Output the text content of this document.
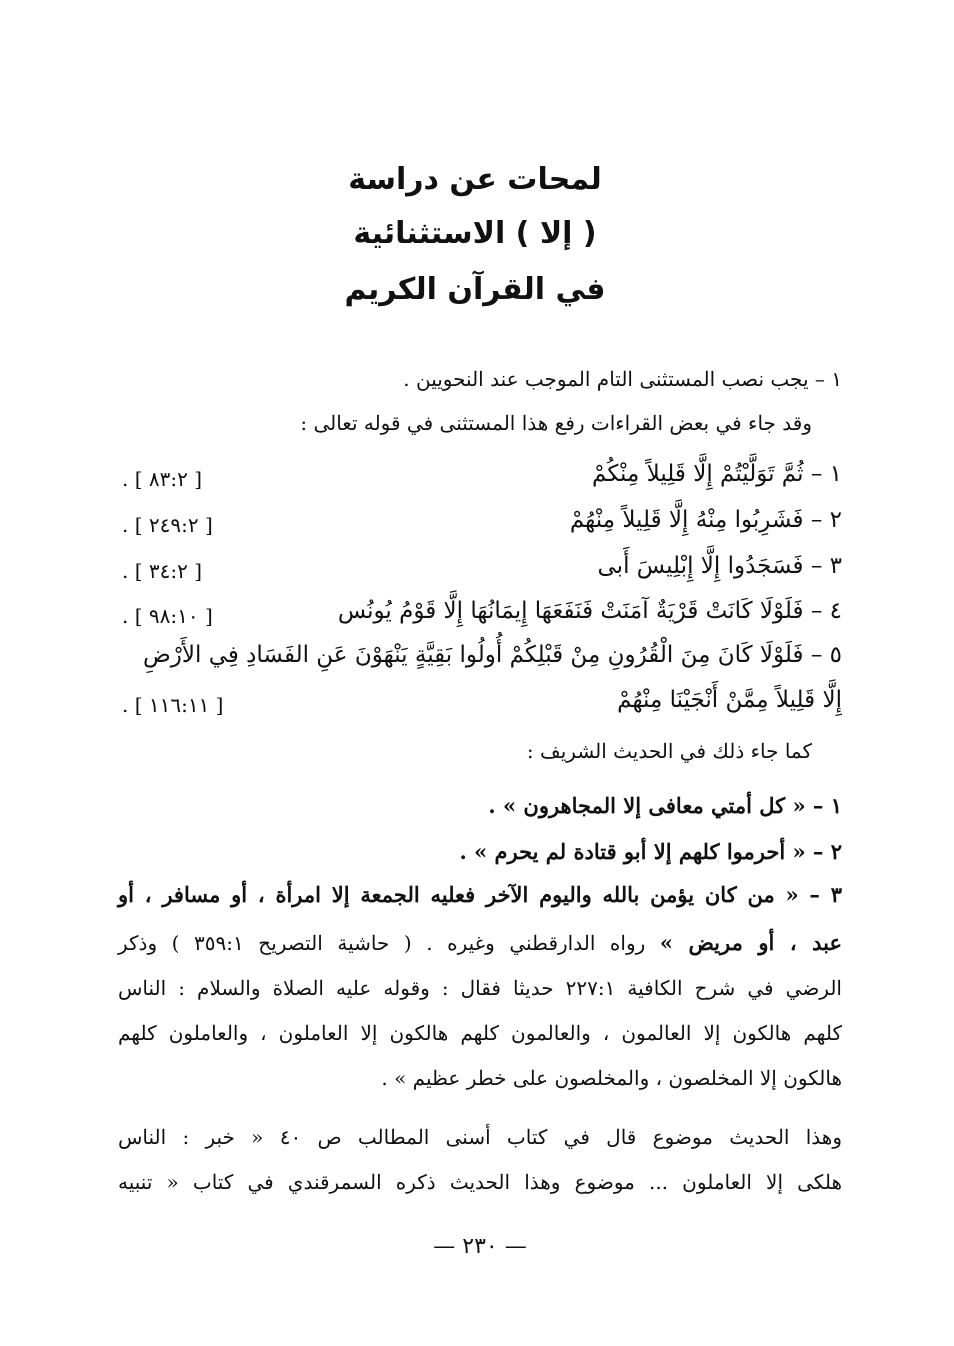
لمحات عن دراسة
( إلا ) الاستثنائية
في القرآن الكريم
١ – يجب نصب المستثنى التام الموجب عند النحويين .
وقد جاء في بعض القراءات رفع هذا المستثنى في قوله تعالى :
١ – ثُمَّ تَوَلَّيْتُمْ إِلَّا قَلِيلاً مِنْكُمْ
. [ ٨٣:٢ ]
٢ – فَشَرِبُوا مِنْهُ إِلَّا قَلِيلاً مِنْهُمْ
. [ ٢٤٩:٢ ]
٣ – فَسَجَدُوا إِلَّا إِبْلِيسَ أَبى
. [ ٣٤:٢ ]
٤ – فَلَوْلَا كَانَتْ قَرْيَةٌ آمَنَتْ فَنَفَعَهَا إِيمَانُهَا إِلَّا قَوْمُ يُونُس
. [ ٩٨:١٠ ]
٥ – فَلَوْلَا كَانَ مِنَ الْقُرُونِ مِنْ قَبْلِكُمْ أُولُوا بَقِيَّةٍ يَنْهَوْنَ عَنِ الفَسَادِ فِي الأَرْضِ
إِلَّا قَلِيلاً مِمَّنْ أَنْجَيْنَا مِنْهُمْ
. [ ١١٦:١١ ]
كما جاء ذلك في الحديث الشريف :
١ – « كل أمتي معافى إلا المجاهرون » .
٢ – « أحرموا كلهم إلا أبو قتادة لم يحرم » .
٣ – « من كان يؤمن بالله واليوم الآخر فعليه الجمعة إلا امرأة ، أو مسافر ، أو
عبد ، أو مريض » رواه الدارقطني وغيره . ( حاشية التصريح ٣٥٩:١ ) وذكر
الرضي في شرح الكافية ٢٢٧:١ حديثا فقال : وقوله عليه الصلاة والسلام : الناس
كلهم هالكون إلا العالمون ، والعالمون كلهم هالكون إلا العاملون ، والعاملون كلهم
هالكون إلا المخلصون ، والمخلصون على خطر عظيم » .
وهذا الحديث موضوع قال في كتاب أسنى المطالب ص ٤٠ « خبر : الناس
هلكى إلا العاملون ... موضوع وهذا الحديث ذكره السمرقندي في كتاب « تنبيه
— ٢٣٠ —
